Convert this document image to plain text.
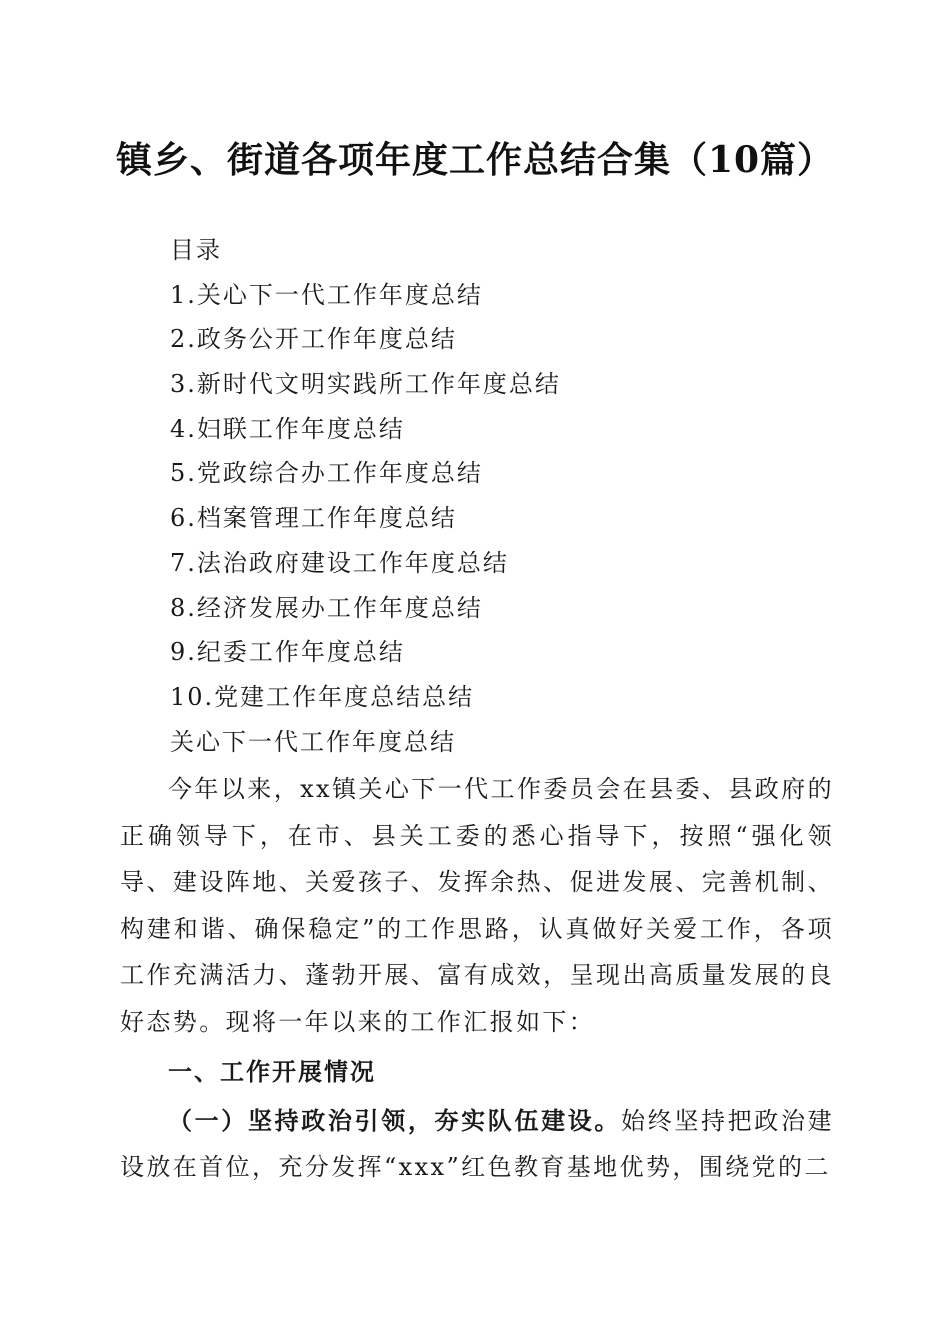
镇乡、街道各项年度工作总结合集（10篇）
目录
1.关心下一代工作年度总结
2.政务公开工作年度总结
3.新时代文明实践所工作年度总结
4.妇联工作年度总结
5.党政综合办工作年度总结
6.档案管理工作年度总结
7.法治政府建设工作年度总结
8.经济发展办工作年度总结
9.纪委工作年度总结
10.党建工作年度总结总结
关心下一代工作年度总结

今年以来，xx镇关心下一代工作委员会在县委、县政府的正确领导下，在市、县关工委的悉心指导下，按照“强化领导、建设阵地、关爱孩子、发挥余热、促进发展、完善机制、构建和谐、确保稳定”的工作思路，认真做好关爱工作，各项工作充满活力、蓬勃开展、富有成效，呈现出高质量发展的良好态势。现将一年以来的工作汇报如下：

一、工作开展情况

（一）坚持政治引领，夯实队伍建设。始终坚持把政治建设放在首位，充分发挥“xxx”红色教育基地优势，围绕党的二
